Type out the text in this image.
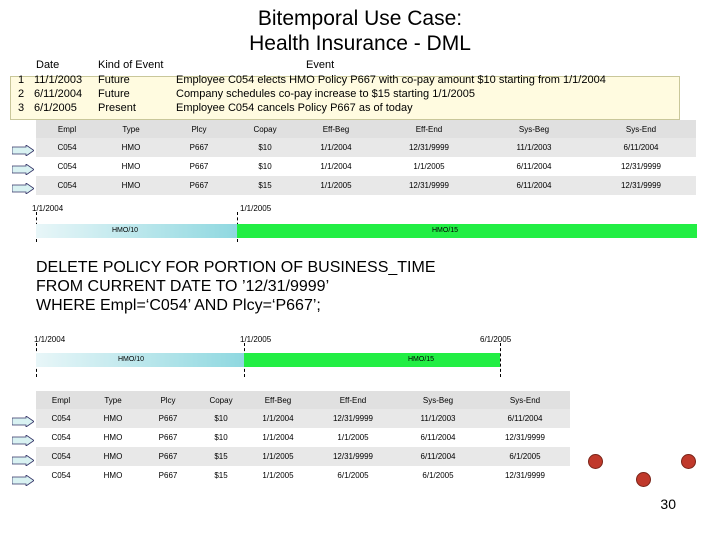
Bitemporal Use Case:
Health Insurance - DML
Date	Kind of Event	Event
1 11/1/2003 Future	Employee C054 elects HMO Policy P667 with co-pay amount $10 starting from 1/1/2004
2 6/11/2004 Future	Company schedules co-pay increase to $15 starting 1/1/2005
3 6/1/2005 Present	Employee C054 cancels Policy P667 as of today
Empl	Type	Plcy	Copay	Eff-Beg	Eff-End	Sys-Beg	Sys-End
C054	HMO	P667	$10	1/1/2004	12/31/9999	11/1/2003	6/11/2004
C054	HMO	P667	$10	1/1/2004	1/1/2005	6/11/2004	12/31/9999
C054	HMO	P667	$15	1/1/2005	12/31/9999	6/11/2004	12/31/9999
1/1/2004	1/1/2005
HMO/10	HMO/15
DELETE POLICY FOR PORTION OF BUSINESS_TIME
FROM CURRENT DATE TO ’12/31/9999’
WHERE Empl=‘C054’ AND Plcy=‘P667’;
1/1/2004	1/1/2005	6/1/2005
HMO/10	HMO/15
Empl	Type	Plcy	Copay	Eff-Beg	Eff-End	Sys-Beg	Sys-End
C054	HMO	P667	$10	1/1/2004	12/31/9999	11/1/2003	6/11/2004
C054	HMO	P667	$10	1/1/2004	1/1/2005	6/11/2004	12/31/9999
C054	HMO	P667	$15	1/1/2005	12/31/9999	6/11/2004	6/1/2005
C054	HMO	P667	$15	1/1/2005	6/1/2005	6/1/2005	12/31/9999
30
